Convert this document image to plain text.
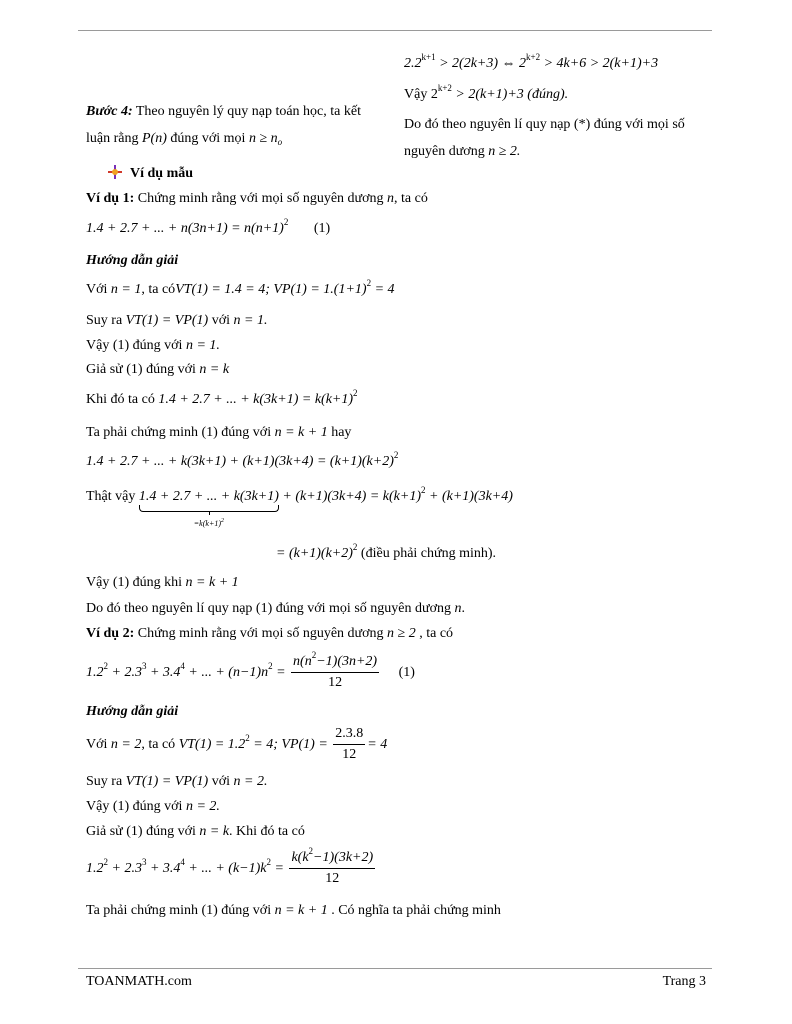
$2.2^{k+1} > 2(2k+3)$ ⇔ $2^{k+2} > 4k+6 > 2(k+1)+3$
Vậy $2^{k+2} > 2(k+1)+3$ (đúng).
Do đó theo nguyên lí quy nạp (*) đúng với mọi số
nguyên dương n ≥ 2.
Bước 4: Theo nguyên lý quy nạp toán học, ta kết
luận rằng P(n) đúng với mọi $n \ge n_o$
Ví dụ mẫu
Ví dụ 1: Chứng minh rằng với mọi số nguyên dương n, ta có
1.4 + 2.7 + ... + $n(3n+1) = n(n+1)^2$ (1)
Hướng dẫn giải
Với n = 1, ta cóVT(1) = 1.4 = 4; $VP(1) = 1.(1+1)^2 = 4$
Suy ra VT(1) = VP(1) với n = 1.
Vậy (1) đúng với n = 1.
Giả sử (1) đúng với n = k
Khi đó ta có 1.4 + 2.7 + ... + $k(3k+1) = k(k+1)^2$
Ta phải chứng minh (1) đúng với n = k + 1 hay
1.4 + 2.7 + ... + $k(3k+1) + (k+1)(3k+4) = (k+1)(k+2)^2$
Thật vậy 1.4 + 2.7 + ... + k(3k+1)
$=k(k+1)^2$
+ $(k+1)(3k+4) = k(k+1)^2 + (k+1)(3k+4)$
= $(k+1)(k+2)^2$ (điều phải chứng minh).
Vậy (1) đúng khi n = k + 1
Do đó theo nguyên lí quy nạp (1) đúng với mọi số nguyên dương n.
Ví dụ 2: Chứng minh rằng với mọi số nguyên dương n ≥ 2 , ta có
$1.2^2 + 2.3^3 + 3.4^4$ + ... + $(n-1)n^2 = \frac{n(n^2-1)(3n+2)}{12} (1)$
Hướng dẫn giải
Với n = 2, ta có $VT(1) = 1.2^2 = 4$; $VP(1) = \frac{2.3.8}{12} = 4$
Suy ra VT(1) = VP(1) với n = 2.
Vậy (1) đúng với n = 2.
Giả sử (1) đúng với n = k. Khi đó ta có
$1.2^2 + 2.3^3 + 3.4^4$ + ... + $(k-1)k^2 = \frac{k(k^2-1)(3k+2)}{12}$
Ta phải chứng minh (1) đúng với n = k + 1 . Có nghĩa ta phải chứng minh
TOANMATH.com	Trang 3
